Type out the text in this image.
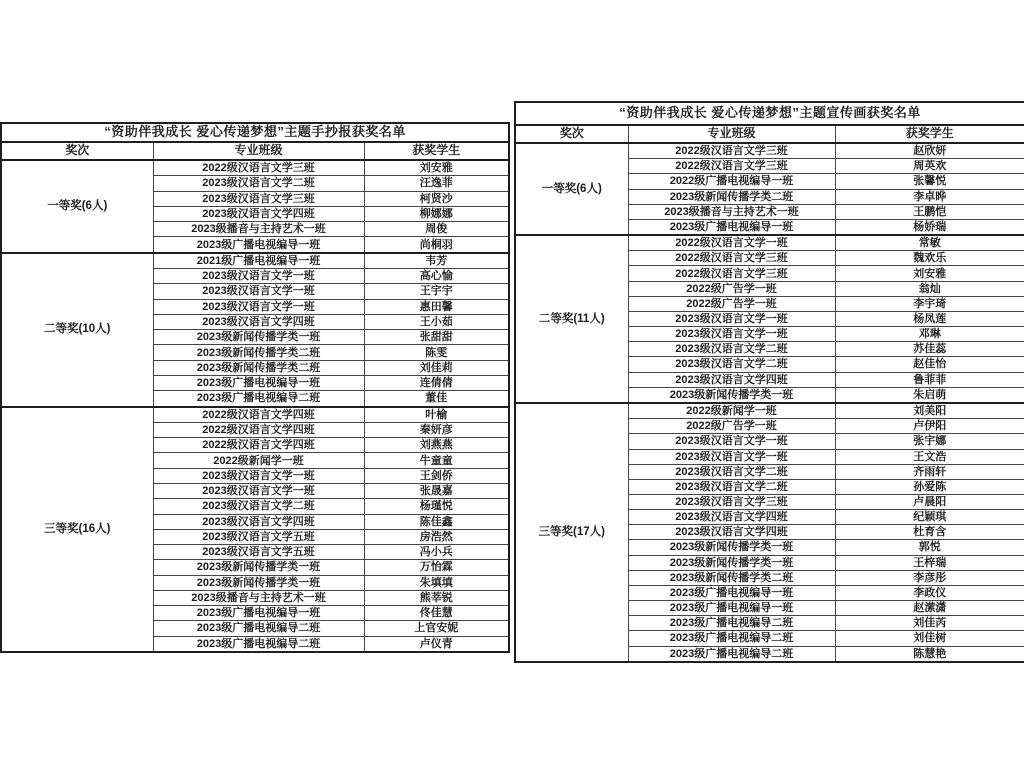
“资助伴我成长 爱心传递梦想”主题手抄报获奖名单		
奖次	专业班级	获奖学生
一等奖(6人)	2022级汉语言文学三班	刘安雅
	2023级汉语言文学二班	汪逸菲
	2023级汉语言文学三班	柯贤沙
	2023级汉语言文学四班	柳娜娜
	2023级播音与主持艺术一班	周俊
	2023级广播电视编导一班	尚桐羽
二等奖(10人)	2021级广播电视编导一班	韦芳
	2023级汉语言文学一班	高心愉
	2023级汉语言文学一班	王宇宇
	2023级汉语言文学一班	惠田馨
	2023级汉语言文学四班	王小茹
	2023级新闻传播学类一班	张甜甜
	2023级新闻传播学类二班	陈雯
	2023级新闻传播学类二班	刘佳莉
	2023级广播电视编导一班	连倩倩
	2023级广播电视编导二班	董佳
三等奖(16人)	2022级汉语言文学四班	叶榆
	2022级汉语言文学四班	秦妍彦
	2022级汉语言文学四班	刘燕燕
	2022级新闻学一班	牛童童
	2023级汉语言文学一班	王剑侨
	2023级汉语言文学一班	张晟嘉
	2023级汉语言文学二班	杨瑾悦
	2023级汉语言文学四班	陈佳鑫
	2023级汉语言文学五班	房浩然
	2023级汉语言文学五班	冯小兵
	2023级新闻传播学类一班	万怡霖
	2023级新闻传播学类一班	朱填填
	2023级播音与主持艺术一班	熊莘锐
	2023级广播电视编导一班	佟佳慧
	2023级广播电视编导二班	上官安妮
	2023级广播电视编导二班	卢仪青
“资助伴我成长 爱心传递梦想”主题宣传画获奖名单		
奖次	专业班级	获奖学生
一等奖(6人)	2022级汉语言文学三班	赵欣妍
	2022级汉语言文学三班	周英欢
	2022级广播电视编导一班	张馨悦
	2023级新闻传播学类二班	李卓晔
	2023级播音与主持艺术一班	王鹏恺
	2023级广播电视编导一班	杨娇瑞
二等奖(11人)	2022级汉语言文学一班	常敏
	2022级汉语言文学三班	魏欢乐
	2022级汉语言文学三班	刘安雅
	2022级广告学一班	翁灿
	2022级广告学一班	李宇琦
	2023级汉语言文学一班	杨凤莲
	2023级汉语言文学一班	邓琳
	2023级汉语言文学二班	苏佳蕊
	2023级汉语言文学二班	赵佳怡
	2023级汉语言文学四班	鲁菲菲
	2023级新闻传播学类一班	朱启萌
三等奖(17人)	2022级新闻学一班	刘美阳
	2022级广告学一班	卢伊阳
	2023级汉语言文学一班	张宇娜
	2023级汉语言文学一班	王文浩
	2023级汉语言文学二班	齐雨轩
	2023级汉语言文学二班	孙爱陈
	2023级汉语言文学三班	卢晨阳
	2023级汉语言文学四班	纪颖琪
	2023级汉语言文学四班	杜育含
	2023级新闻传播学类一班	郭悦
	2023级新闻传播学类一班	王梓瑞
	2023级新闻传播学类二班	李彦彤
	2023级广播电视编导一班	李政仪
	2023级广播电视编导一班	赵潆潇
	2023级广播电视编导二班	刘佳芮
	2023级广播电视编导二班	刘佳树
	2023级广播电视编导二班	陈慧艳
